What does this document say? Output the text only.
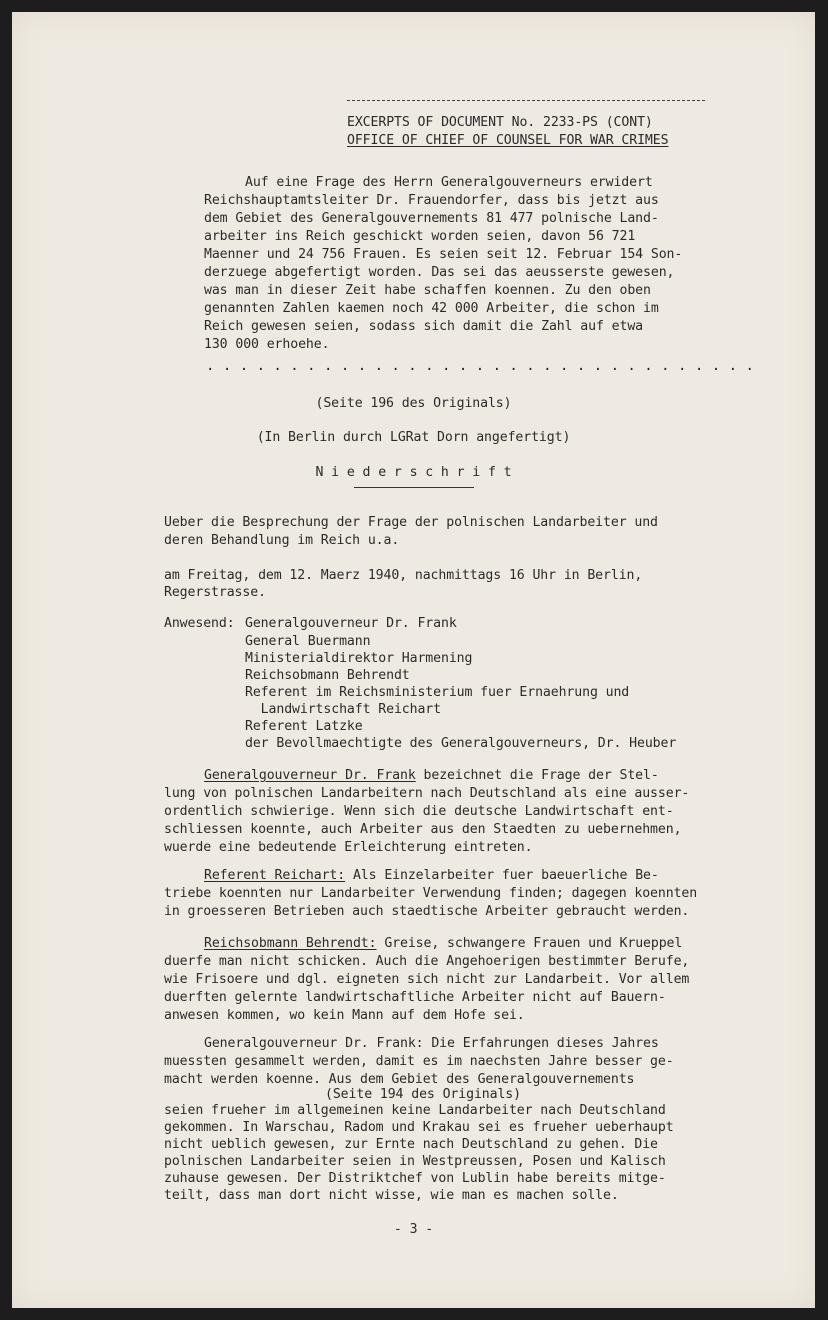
EXCERPTS OF DOCUMENT No. 2233-PS (CONT)
OFFICE OF CHIEF OF COUNSEL FOR WAR CRIMES
Auf eine Frage des Herrn Generalgouverneurs erwidert
Reichshauptamtsleiter Dr. Frauendorfer, dass bis jetzt aus
dem Gebiet des Generalgouvernements 81 477 polnische Land-
arbeiter ins Reich geschickt worden seien, davon 56 721
Maenner und 24 756 Frauen. Es seien seit 12. Februar 154 Son-
derzuege abgefertigt worden. Das sei das aeusserste gewesen,
was man in dieser Zeit habe schaffen koennen. Zu den oben
genannten Zahlen kaemen noch 42 000 Arbeiter, die schon im
Reich gewesen seien, sodass sich damit die Zahl auf etwa
130 000 erhoehe.
. . . . . . . . . . . . . . . . . . . . . . . . . . . . . . . . .
(Seite 196 des Originals)
(In Berlin durch LGRat Dorn angefertigt)
N i e d e r s c h r i f t
Ueber die Besprechung der Frage der polnischen Landarbeiter und
deren Behandlung im Reich u.a.
am Freitag, dem 12. Maerz 1940, nachmittags 16 Uhr in Berlin,
Regerstrasse.
Anwesend: Generalgouverneur Dr. Frank
General Buermann
Ministerialdirektor Harmening
Reichsobmann Behrendt
Referent im Reichsministerium fuer Ernaehrung und
Landwirtschaft Reichart
Referent Latzke
der Bevollmaechtigte des Generalgouverneurs, Dr. Heuber
Generalgouverneur Dr. Frank bezeichnet die Frage der Stel-
lung von polnischen Landarbeitern nach Deutschland als eine ausser-
ordentlich schwierige. Wenn sich die deutsche Landwirtschaft ent-
schliessen koennte, auch Arbeiter aus den Staedten zu uebernehmen,
wuerde eine bedeutende Erleichterung eintreten.
Referent Reichart: Als Einzelarbeiter fuer baeuerliche Be-
triebe koennten nur Landarbeiter Verwendung finden; dagegen koennten
in groesseren Betrieben auch staedtische Arbeiter gebraucht werden.
Reichsobmann Behrendt: Greise, schwangere Frauen und Krueppel
duerfe man nicht schicken. Auch die Angehoerigen bestimmter Berufe,
wie Frisoere und dgl. eigneten sich nicht zur Landarbeit. Vor allem
duerften gelernte landwirtschaftliche Arbeiter nicht auf Bauern-
anwesen kommen, wo kein Mann auf dem Hofe sei.
Generalgouverneur Dr. Frank: Die Erfahrungen dieses Jahres
muessten gesammelt werden, damit es im naechsten Jahre besser ge-
macht werden koenne. Aus dem Gebiet des Generalgouvernements
(Seite 194 des Originals)
seien frueher im allgemeinen keine Landarbeiter nach Deutschland
gekommen. In Warschau, Radom und Krakau sei es frueher ueberhaupt
nicht ueblich gewesen, zur Ernte nach Deutschland zu gehen. Die
polnischen Landarbeiter seien in Westpreussen, Posen und Kalisch
zuhause gewesen. Der Distriktchef von Lublin habe bereits mitge-
teilt, dass man dort nicht wisse, wie man es machen solle.
- 3 -
